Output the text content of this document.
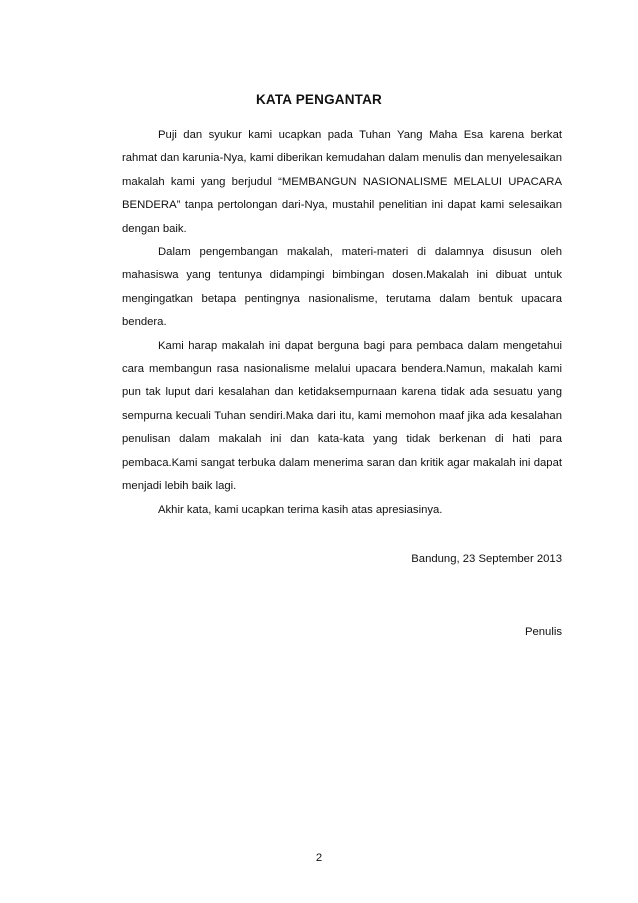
KATA PENGANTAR

Puji dan syukur kami ucapkan pada Tuhan Yang Maha Esa karena berkat rahmat dan karunia-Nya, kami diberikan kemudahan dalam menulis dan menyelesaikan makalah kami yang berjudul “MEMBANGUN NASIONALISME MELALUI UPACARA BENDERA” tanpa pertolongan dari-Nya, mustahil penelitian ini dapat kami selesaikan dengan baik.

Dalam pengembangan makalah, materi-materi di dalamnya disusun oleh mahasiswa yang tentunya didampingi bimbingan dosen.Makalah ini dibuat untuk mengingatkan betapa pentingnya nasionalisme, terutama dalam bentuk upacara bendera.

Kami harap makalah ini dapat berguna bagi para pembaca dalam mengetahui cara membangun rasa nasionalisme melalui upacara bendera.Namun, makalah kami pun tak luput dari kesalahan dan ketidaksempurnaan karena tidak ada sesuatu yang sempurna kecuali Tuhan sendiri.Maka dari itu, kami memohon maaf jika ada kesalahan penulisan dalam makalah ini dan kata-kata yang tidak berkenan di hati para pembaca.Kami sangat terbuka dalam menerima saran dan kritik agar makalah ini dapat menjadi lebih baik lagi.

Akhir kata, kami ucapkan terima kasih atas apresiasinya.

Bandung, 23 September 2013
Penulis
2
